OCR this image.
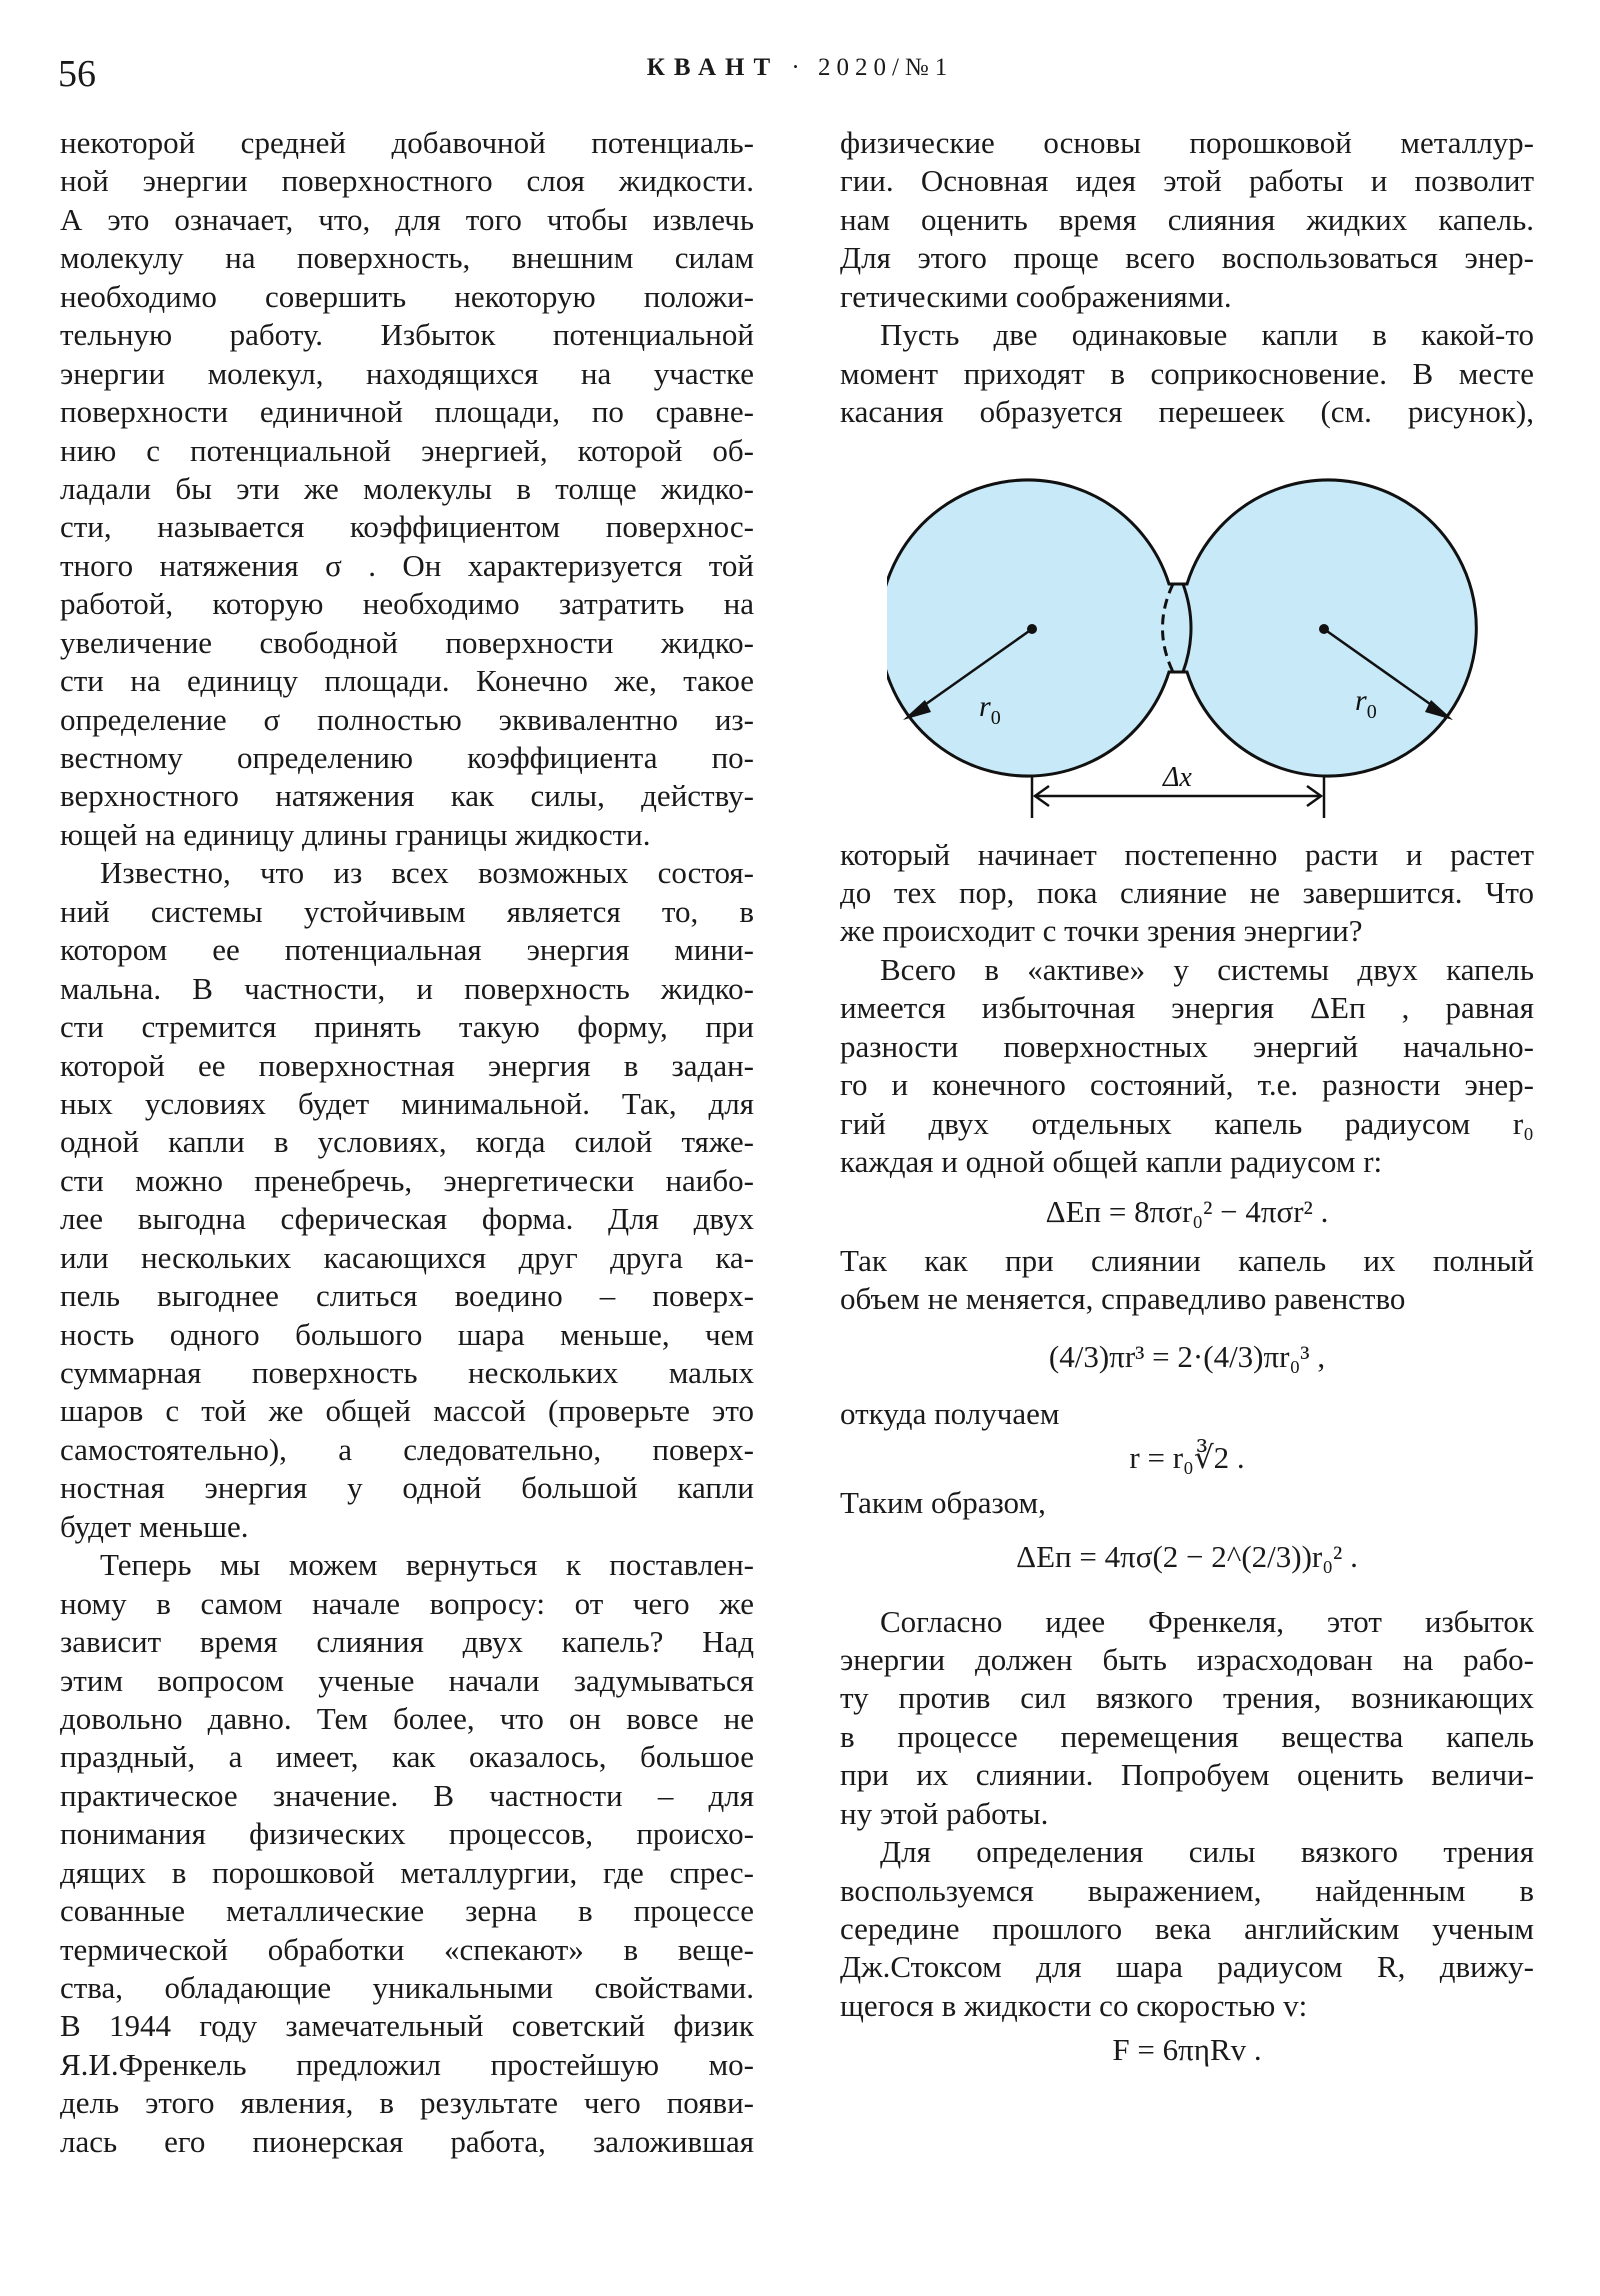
56	КВАНТ · 2020/№1
некоторой средней добавочной потенциаль-
ной энергии поверхностного слоя жидкости.
А это означает, что, для того чтобы извлечь
молекулу на поверхность, внешним силам
необходимо совершить некоторую положи-
тельную работу. Избыток потенциальной
энергии молекул, находящихся на участке
поверхности единичной площади, по сравне-
нию с потенциальной энергией, которой об-
ладали бы эти же молекулы в толще жидко-
сти, называется коэффициентом поверхнос-
тного натяжения σ . Он характеризуется той
работой, которую необходимо затратить на
увеличение свободной поверхности жидко-
сти на единицу площади. Конечно же, такое
определение σ полностью эквивалентно из-
вестному определению коэффициента по-
верхностного натяжения как силы, действу-
ющей на единицу длины границы жидкости.
Известно, что из всех возможных состоя-
ний системы устойчивым является то, в
котором ее потенциальная энергия мини-
мальна. В частности, и поверхность жидко-
сти стремится принять такую форму, при
которой ее поверхностная энергия в задан-
ных условиях будет минимальной. Так, для
одной капли в условиях, когда силой тяже-
сти можно пренебречь, энергетически наибо-
лее выгодна сферическая форма. Для двух
или нескольких касающихся друг друга ка-
пель выгоднее слиться воедино – поверх-
ность одного большого шара меньше, чем
суммарная поверхность нескольких малых
шаров с той же общей массой (проверьте это
самостоятельно), а следовательно, поверх-
ностная энергия у одной большой капли
будет меньше.
Теперь мы можем вернуться к поставлен-
ному в самом начале вопросу: от чего же
зависит время слияния двух капель? Над
этим вопросом ученые начали задумываться
довольно давно. Тем более, что он вовсе не
праздный, а имеет, как оказалось, большое
практическое значение. В частности – для
понимания физических процессов, происхо-
дящих в порошковой металлургии, где спрес-
сованные металлические зерна в процессе
термической обработки «спекают» в веще-
ства, обладающие уникальными свойствами.
В 1944 году замечательный советский физик
Я.И.Френкель предложил простейшую мо-
дель этого явления, в результате чего появи-
лась его пионерская работа, заложившая
физические основы порошковой металлур-
гии. Основная идея этой работы и позволит
нам оценить время слияния жидких капель.
Для этого проще всего воспользоваться энер-
гетическими соображениями.
Пусть две одинаковые капли в какой-то
момент приходят в соприкосновение. В месте
касания образуется перешеек (см. рисунок),
$r_0$
$r_0$
Δx
который начинает постепенно расти и растет
до тех пор, пока слияние не завершится. Что
же происходит с точки зрения энергии?
Всего в «активе» у системы двух капель
имеется избыточная энергия ΔEп , равная
разности поверхностных энергий начально-
го и конечного состояний, т.е. разности энер-
гий двух отдельных капель радиусом r₀
каждая и одной общей капли радиусом r:
ΔEп = 8πσr₀² − 4πσr² .
Так как при слиянии капель их полный
объем не меняется, справедливо равенство
(4/3)πr³ = 2·(4/3)πr₀³ ,
откуда получаем
r = r₀∛2 .
Таким образом,
ΔEп = 4πσ(2 − 2^(2/3))r₀² .
Согласно идее Френкеля, этот избыток
энергии должен быть израсходован на рабо-
ту против сил вязкого трения, возникающих
в процессе перемещения вещества капель
при их слиянии. Попробуем оценить величи-
ну этой работы.
Для определения силы вязкого трения
воспользуемся выражением, найденным в
середине прошлого века английским ученым
Дж.Стоксом для шара радиусом R, движу-
щегося в жидкости со скоростью v:
F = 6πηRv .
